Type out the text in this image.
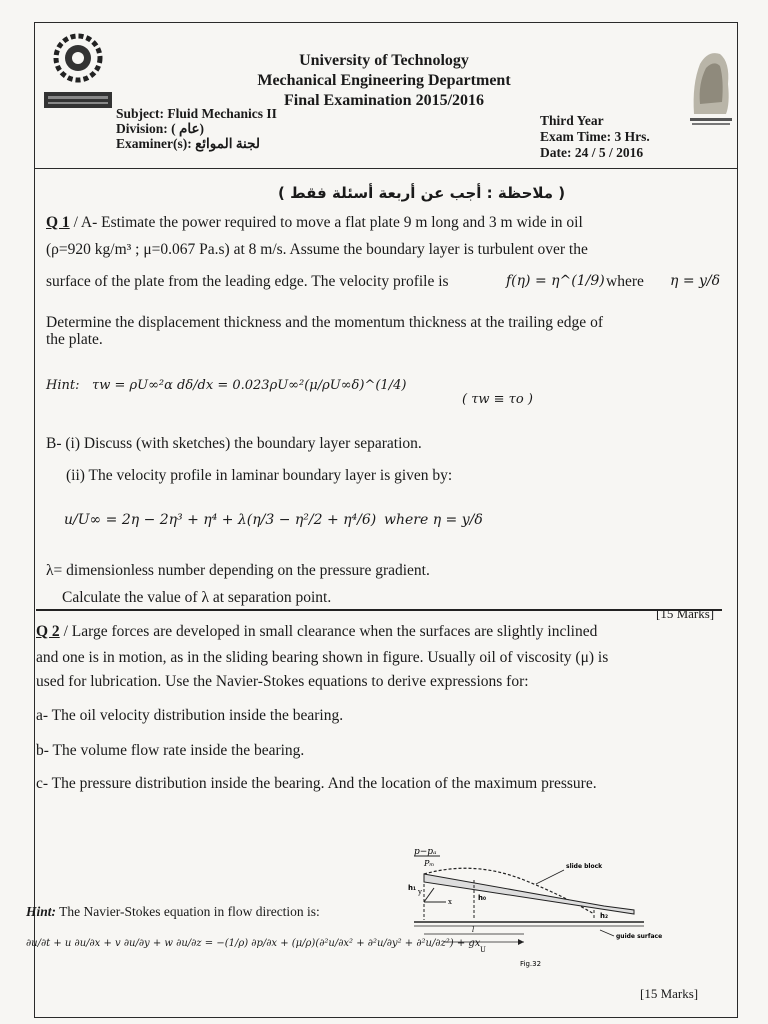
University of Technology
Mechanical Engineering Department
Final Examination 2015/2016
Subject: Fluid Mechanics II
Division: ( عام)
Examiner(s): لجنة الموائع
Third Year
Exam Time: 3 Hrs.
Date: 24 / 5 / 2016
( ملاحظة : أجب عن أربعة أسئلة فقط )
Q 1 / A- Estimate the power required to move a flat plate 9 m long and 3 m wide in oil
(ρ=920 kg/m³ ; μ=0.067 Pa.s) at 8 m/s. Assume the boundary layer is turbulent over the
surface of the plate from the leading edge. The velocity profile is	f(η) = η^(1/9) where η = y/δ
Determine the displacement thickness and the momentum thickness at the trailing edge of
the plate.
Hint: τw = ρU∞²α dδ/dx = 0.023ρU∞²(μ/ρU∞δ)^(1/4)
( τw ≡ τo )
B- (i) Discuss (with sketches) the boundary layer separation.
(ii) The velocity profile in laminar boundary layer is given by:
u/U∞ = 2η − 2η³ + η⁴ + λ(η/3 − η²/2 + η⁴/6) where η = y/δ
λ= dimensionless number depending on the pressure gradient.
Calculate the value of λ at separation point.
[15 Marks]
Q 2 / Large forces are developed in small clearance when the surfaces are slightly inclined
and one is in motion, as in the sliding bearing shown in figure. Usually oil of viscosity (μ) is
used for lubrication. Use the Navier-Stokes equations to derive expressions for:
a- The oil velocity distribution inside the bearing.
b- The volume flow rate inside the bearing.
c- The pressure distribution inside the bearing. And the location of the maximum pressure.
Hint: The Navier-Stokes equation in flow direction is:
∂u/∂t + u ∂u/∂x + v ∂u/∂y + w ∂u/∂z = −(1/ρ) ∂p/∂x + (μ/ρ)(∂²u/∂x² + ∂²u/∂y² + ∂²u/∂z²) + gx
p−pₐ
Pₘ
y
x
h₁
h₀
h₂
slide block
l
U
guide surface
Fig.32
[15 Marks]
